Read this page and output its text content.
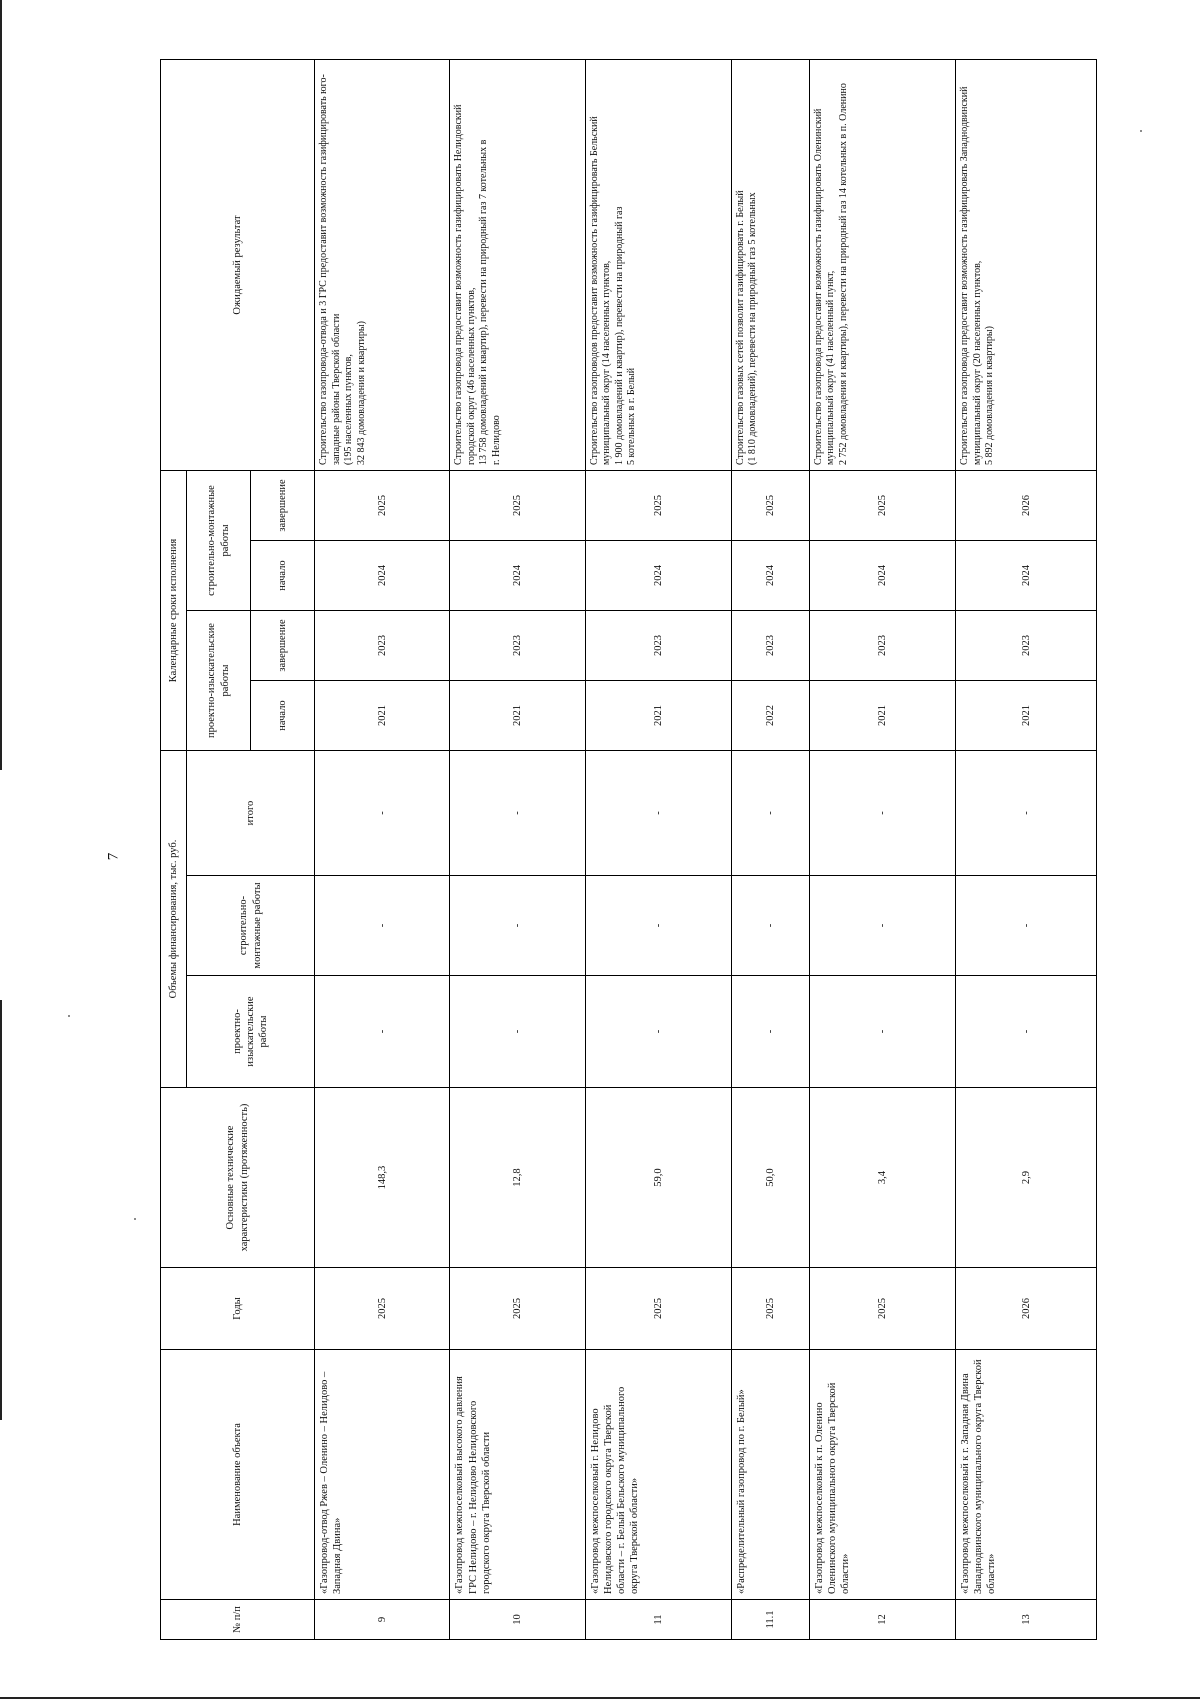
7
№ п/п	Наименование объекта	Годы	Основные технические характеристики (протяженность)	Объемы финансирования, тыс. руб.			Календарные сроки исполнения				Ожидаемый результат
				проектно-изыскательские работы	строительно-монтажные работы	итого	проектно-изыскательские работы		строительно-монтажные работы		
							начало	завершение	начало	завершение	
9	«Газопровод-отвод Ржев – Оленино – Нелидово – Западная Двина»	2025	148,3	-	-	-	2021	2023	2024	2025	Строительство газопровода-отвода и 3 ГРС предоставит возможность газифицировать юго-западные районы Тверской области
(195 населенных пунктов,
32 843 домовладения и квартиры)
10	«Газопровод межпоселковый высокого давления ГРС Нелидово – г. Нелидово Нелидовского городского округа Тверской области	2025	12,8	-	-	-	2021	2023	2024	2025	Строительство газопровода предоставит возможность газифицировать Нелидовский городской округ (46 населенных пунктов,
13 758 домовладений и квартир), перевести на природный газ 7 котельных в
г. Нелидово
11	«Газопровод межпоселковый г. Нелидово Нелидовского городского округа Тверской
области – г. Белый Бельского муниципального округа Тверской области»	2025	59,0	-	-	-	2021	2023	2024	2025	Строительство газопроводов предоставит возможность газифицировать Бельский муниципальный округ (14 населенных пунктов,
1 900 домовладений и квартир), перевести на природный газ
5 котельных в г. Белый
11.1	«Распределительный газопровод по г. Белый»	2025	50,0	-	-	-	2022	2023	2024	2025	Строительство газовых сетей позволит газифицировать г. Белый
(1 810 домовладений), перевести на природный газ 5 котельных
12	«Газопровод межпоселковый к п. Оленино Оленинского муниципального округа Тверской области»	2025	3,4	-	-	-	2021	2023	2024	2025	Строительство газопровода предоставит возможность газифицировать Оленинский муниципальный округ (41 населенный пункт,
2 752 домовладения и квартиры), перевести на природный газ 14 котельных в п. Оленино
13	«Газопровод межпоселковый к г. Западная Двина Западнодвинского муниципального округа Тверской области»	2026	2,9	-	-	-	2021	2023	2024	2026	Строительство газопровода предоставит возможность газифицировать Западнодвинский муниципальный округ (20 населенных пунктов,
5 892 домовладения и квартиры)
